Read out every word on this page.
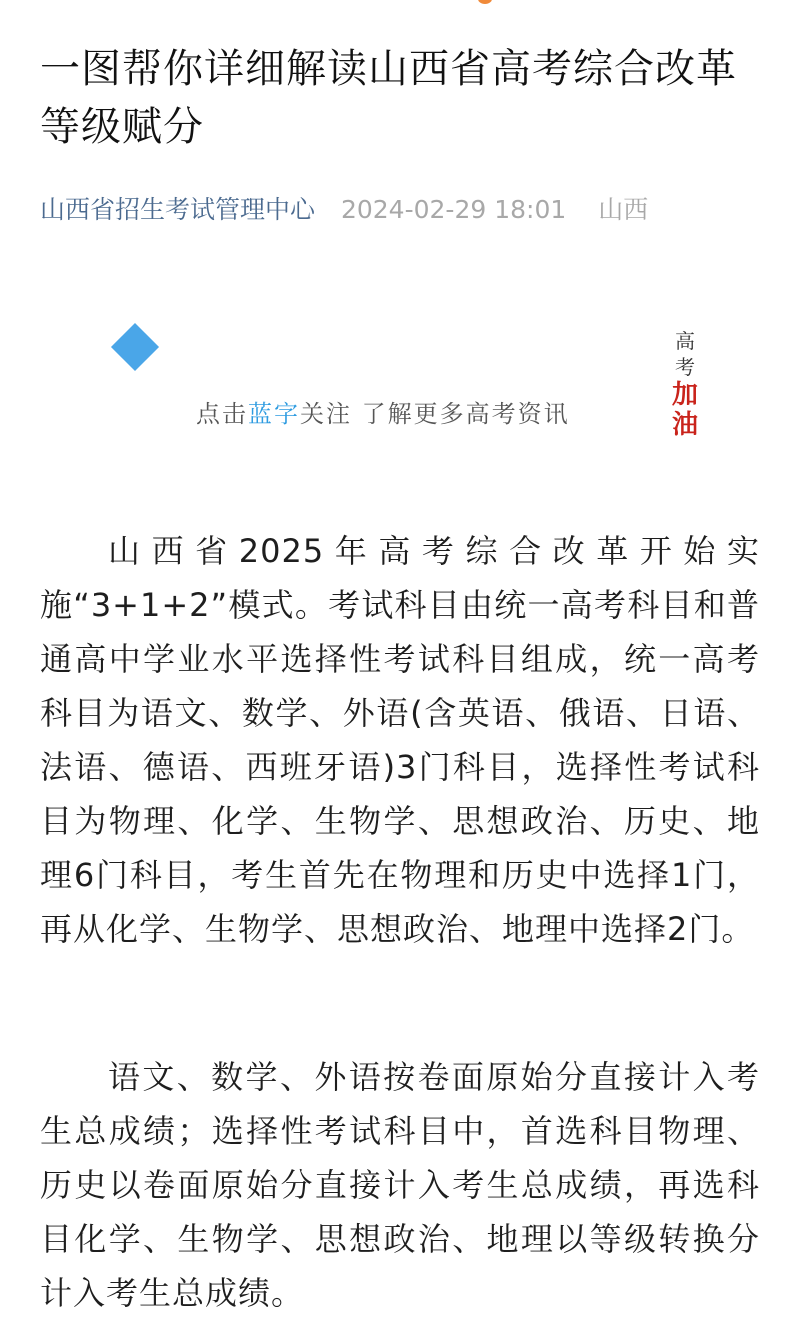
一图帮你详细解读山西省高考综合改革等级赋分
山西省招生考试管理中心 2024-02-29 18:01 山西
点击蓝字关注 了解更多高考资讯
高考
加油

山西省2025年高考综合改革开始实施“3+1+2”模式。考试科目由统一高考科目和普通高中学业水平选择性考试科目组成，统一高考科目为语文、数学、外语(含英语、俄语、日语、法语、德语、西班牙语)3门科目，选择性考试科目为物理、化学、生物学、思想政治、历史、地理6门科目，考生首先在物理和历史中选择1门，再从化学、生物学、思想政治、地理中选择2门。

语文、数学、外语按卷面原始分直接计入考生总成绩；选择性考试科目中，首选科目物理、历史以卷面原始分直接计入考生总成绩，再选科目化学、生物学、思想政治、地理以等级转换分计入考生总成绩。
